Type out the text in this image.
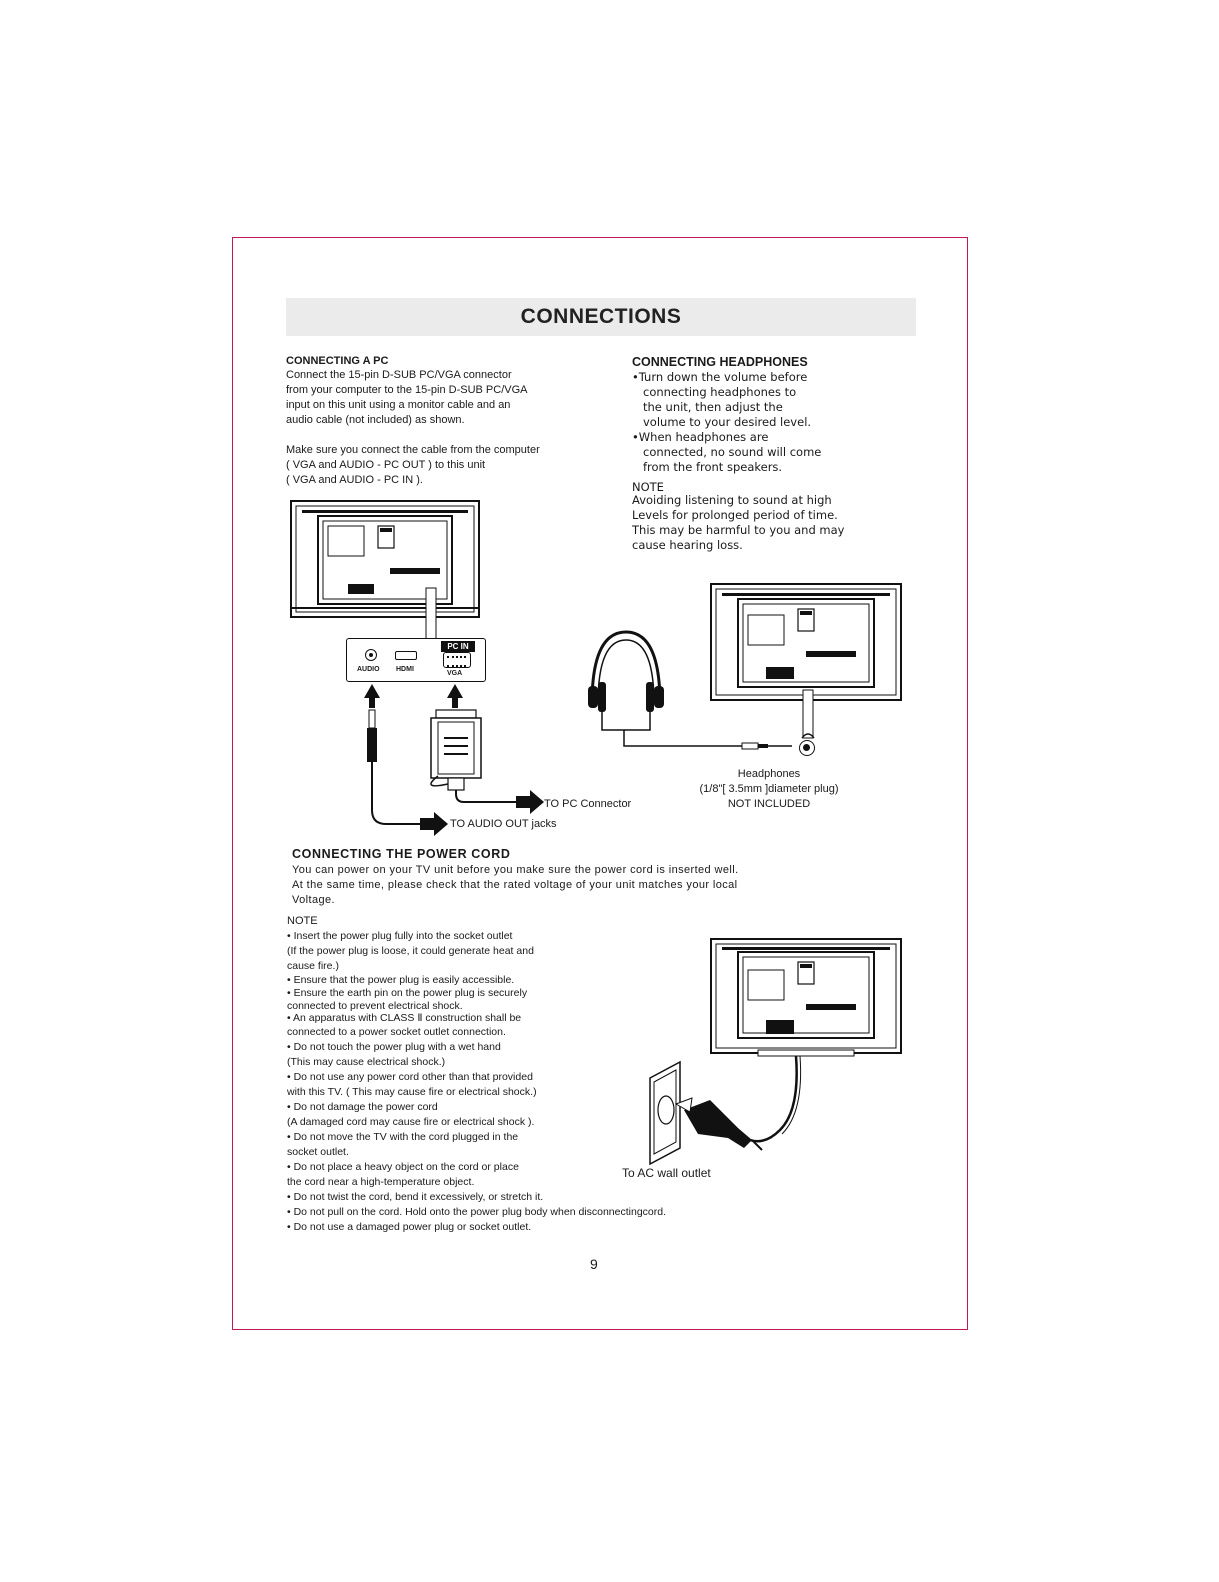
CONNECTIONS
CONNECTING A PC
Connect the 15-pin D-SUB PC/VGA connector
from your computer to the 15-pin D-SUB PC/VGA
input on this unit using a monitor cable and an
audio cable (not included) as shown.
Make sure you connect the cable from the computer
( VGA and AUDIO - PC OUT ) to this unit
( VGA and AUDIO - PC IN ).
PC IN
AUDIO HDMI
VGA
TO PC Connector
TO AUDIO OUT jacks
CONNECTING HEADPHONES
•Turn down the volume before
connecting headphones to
the unit, then adjust the
volume to your desired level.
•When headphones are
connected, no sound will come
from the front speakers.
NOTE
Avoiding listening to sound at high
Levels for prolonged period of time.
This may be harmful to you and may
cause hearing loss.
Headphones
(1/8"[ 3.5mm ]diameter plug)
NOT INCLUDED
CONNECTING THE POWER CORD
You can power on your TV unit before you make sure the power cord is inserted well.
At the same time, please check that the rated voltage of your unit matches your local
Voltage.
NOTE
• Insert the power plug fully into the socket outlet
(If the power plug is loose, it could generate heat and
cause fire.)
• Ensure that the power plug is easily accessible.
• Ensure the earth pin on the power plug is securely
connected to prevent electrical shock.
• An apparatus with CLASS Ⅱ construction shall be
connected to a power socket outlet connection.
• Do not touch the power plug with a wet hand
(This may cause electrical shock.)
• Do not use any power cord other than that provided
with this TV. ( This may cause fire or electrical shock.)
• Do not damage the power cord
(A damaged cord may cause fire or electrical shock ).
• Do not move the TV with the cord plugged in the
socket outlet.
• Do not place a heavy object on the cord or place
the cord near a high-temperature object.
• Do not twist the cord, bend it excessively, or stretch it.
• Do not pull on the cord. Hold onto the power plug body when disconnectingcord.
• Do not use a damaged power plug or socket outlet.
To AC wall outlet
9
